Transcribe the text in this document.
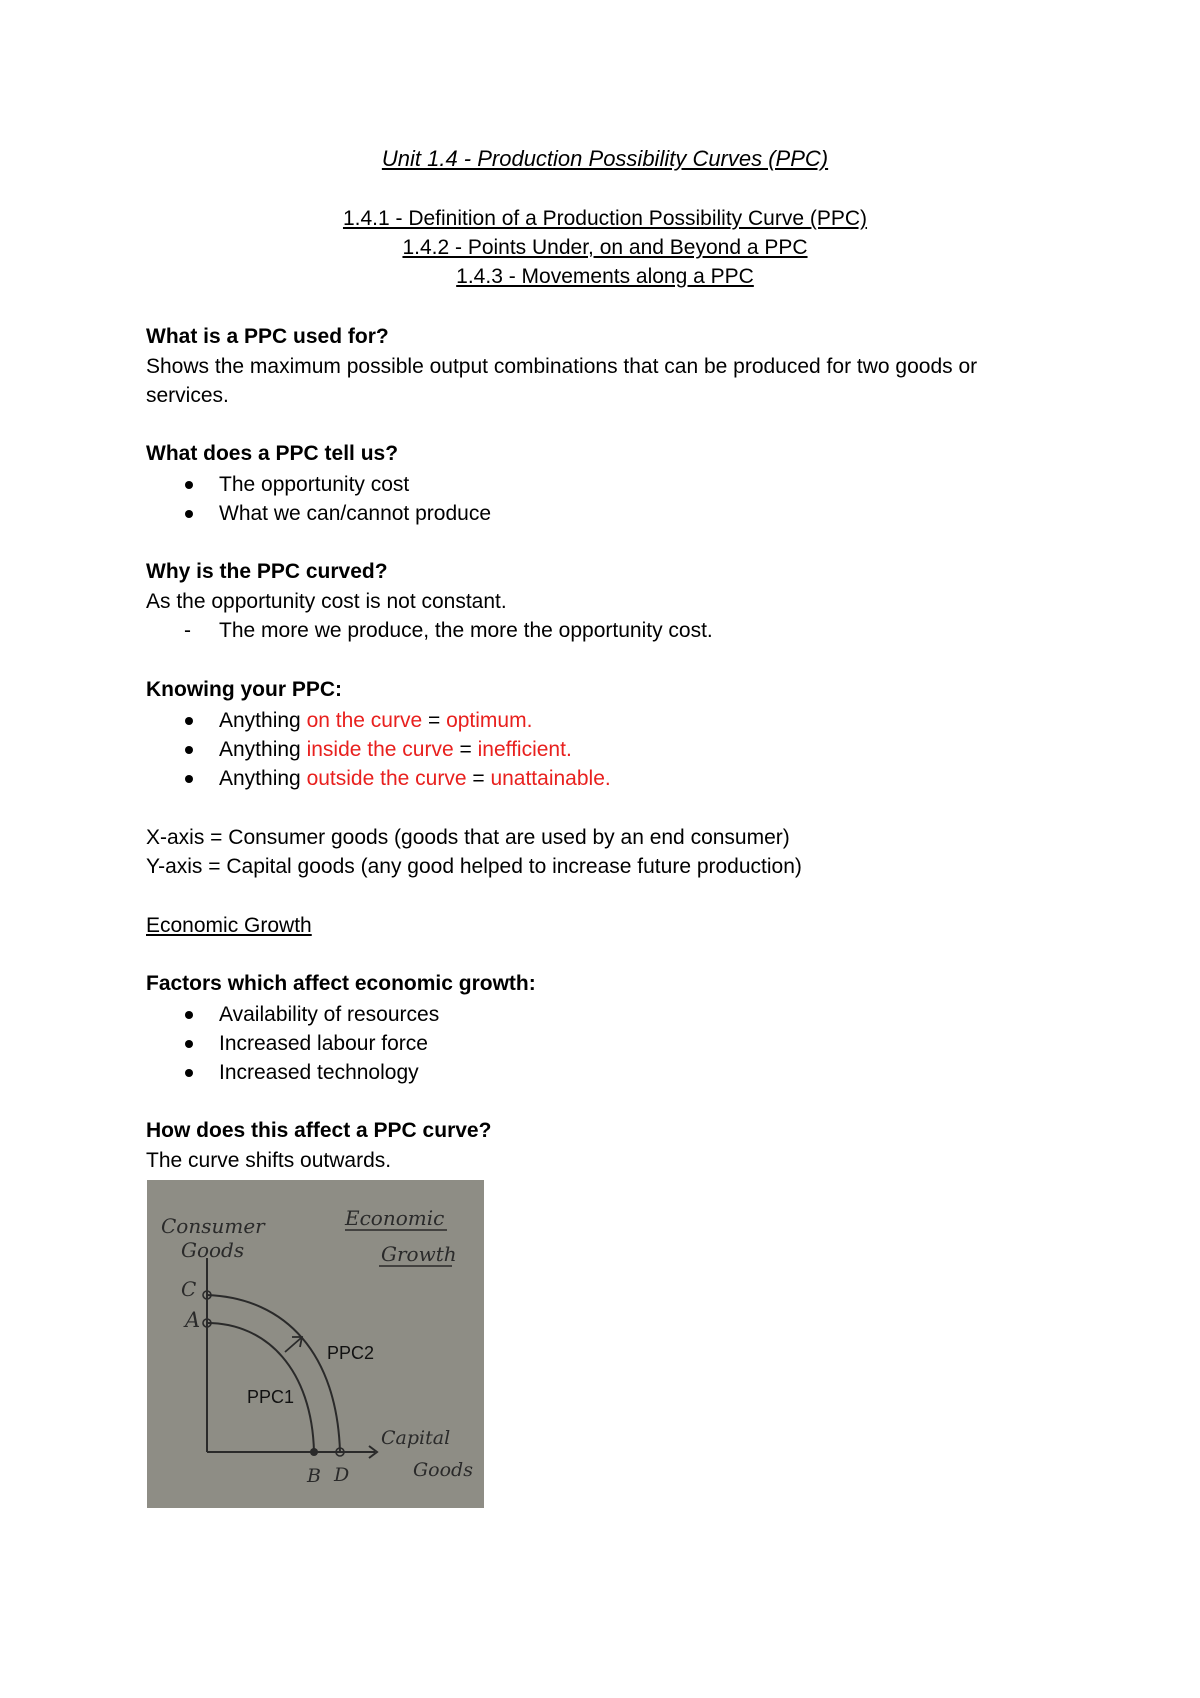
Unit 1.4 - Production Possibility Curves (PPC)
1.4.1 - Definition of a Production Possibility Curve (PPC)
1.4.2 - Points Under, on and Beyond a PPC
1.4.3 - Movements along a PPC
What is a PPC used for?
Shows the maximum possible output combinations that can be produced for two goods or
services.
What does a PPC tell us?
The opportunity cost
What we can/cannot produce
Why is the PPC curved?
As the opportunity cost is not constant.
- The more we produce, the more the opportunity cost.
Knowing your PPC:
Anything on the curve = optimum.
Anything inside the curve = inefficient.
Anything outside the curve = unattainable.
X-axis = Consumer goods (goods that are used by an end consumer)
Y-axis = Capital goods (any good helped to increase future production)
Economic Growth
Factors which affect economic growth:
Availability of resources
Increased labour force
Increased technology
How does this affect a PPC curve?
The curve shifts outwards.
Consumer
Goods
Economic
Growth
C
A
B D
PPC1
PPC2
Capital
Goods
